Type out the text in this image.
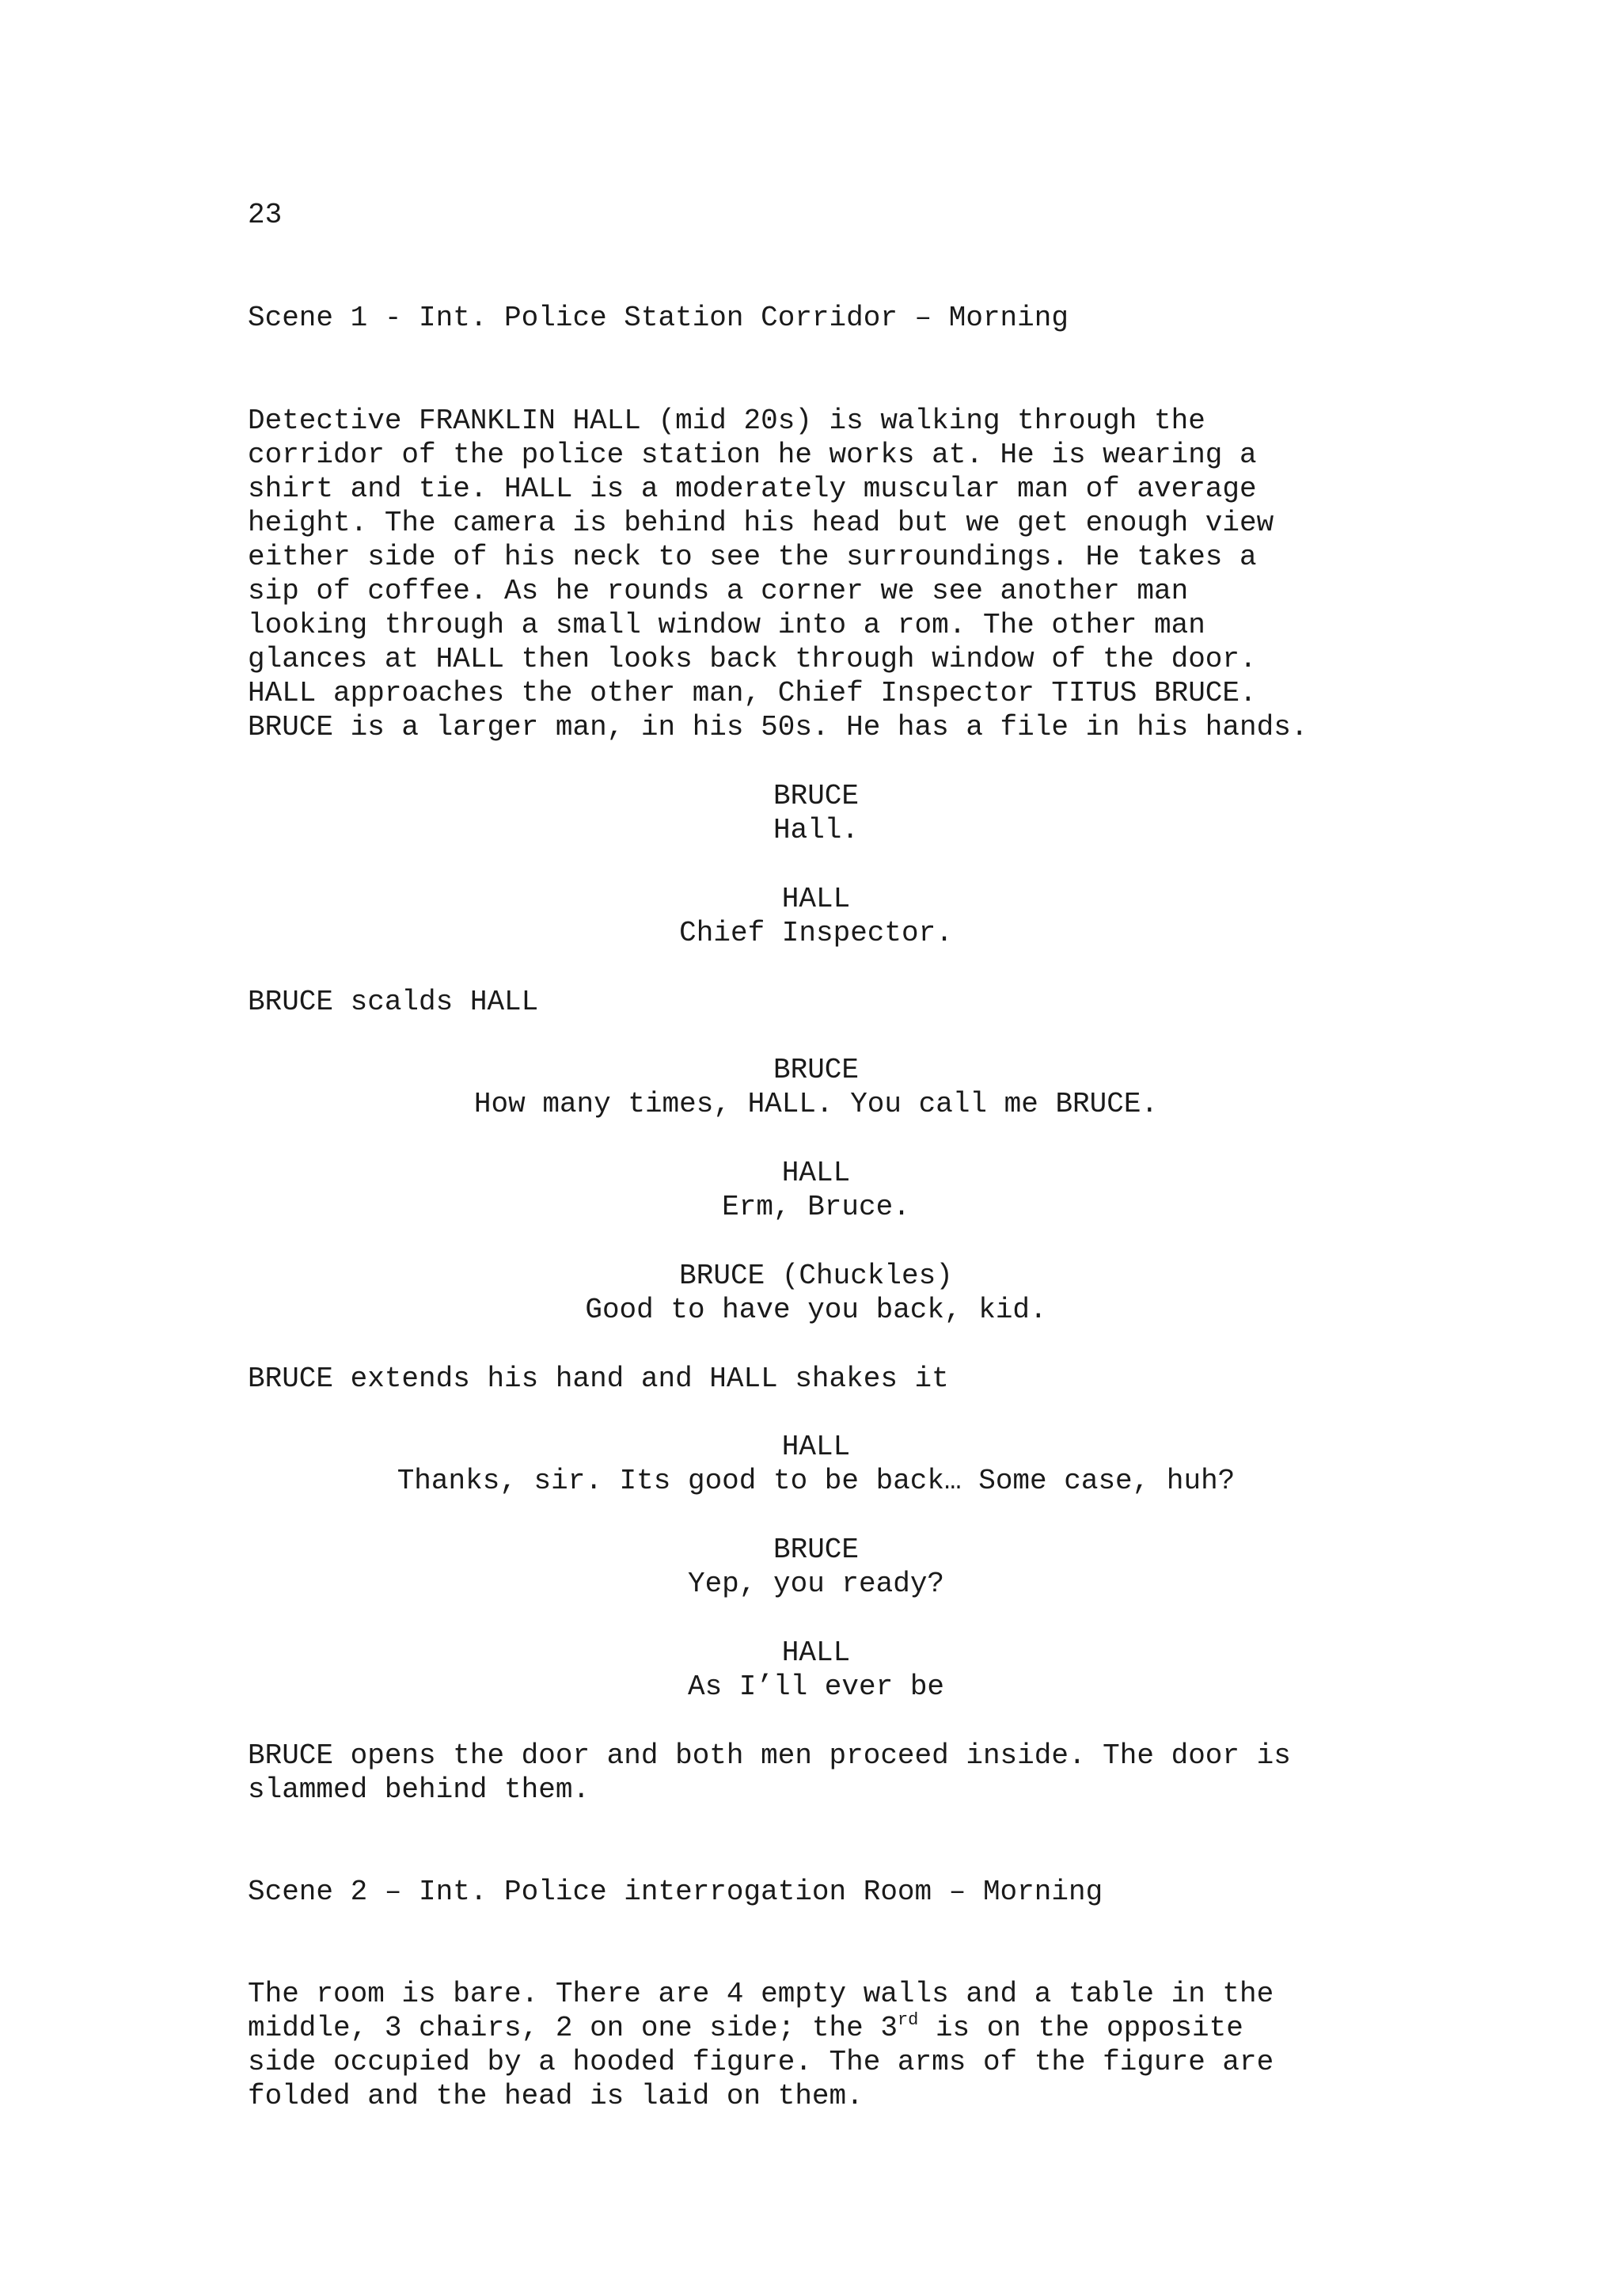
23
Scene 1 - Int. Police Station Corridor – Morning
Detective FRANKLIN HALL (mid 20s) is walking through the
corridor of the police station he works at. He is wearing a
shirt and tie. HALL is a moderately muscular man of average
height. The camera is behind his head but we get enough view
either side of his neck to see the surroundings. He takes a
sip of coffee. As he rounds a corner we see another man
looking through a small window into a rom. The other man
glances at HALL then looks back through window of the door.
HALL approaches the other man, Chief Inspector TITUS BRUCE.
BRUCE is a larger man, in his 50s. He has a file in his hands.
BRUCE
Hall.
HALL
Chief Inspector.
BRUCE scalds HALL
BRUCE
How many times, HALL. You call me BRUCE.
HALL
Erm, Bruce.
BRUCE (Chuckles)
Good to have you back, kid.
BRUCE extends his hand and HALL shakes it
HALL
Thanks, sir. Its good to be back… Some case, huh?
BRUCE
Yep, you ready?
HALL
As I’ll ever be
BRUCE opens the door and both men proceed inside. The door is
slammed behind them.
Scene 2 – Int. Police interrogation Room – Morning
The room is bare. There are 4 empty walls and a table in the
middle, 3 chairs, 2 on one side; the 3rd is on the opposite
side occupied by a hooded figure. The arms of the figure are
folded and the head is laid on them.
